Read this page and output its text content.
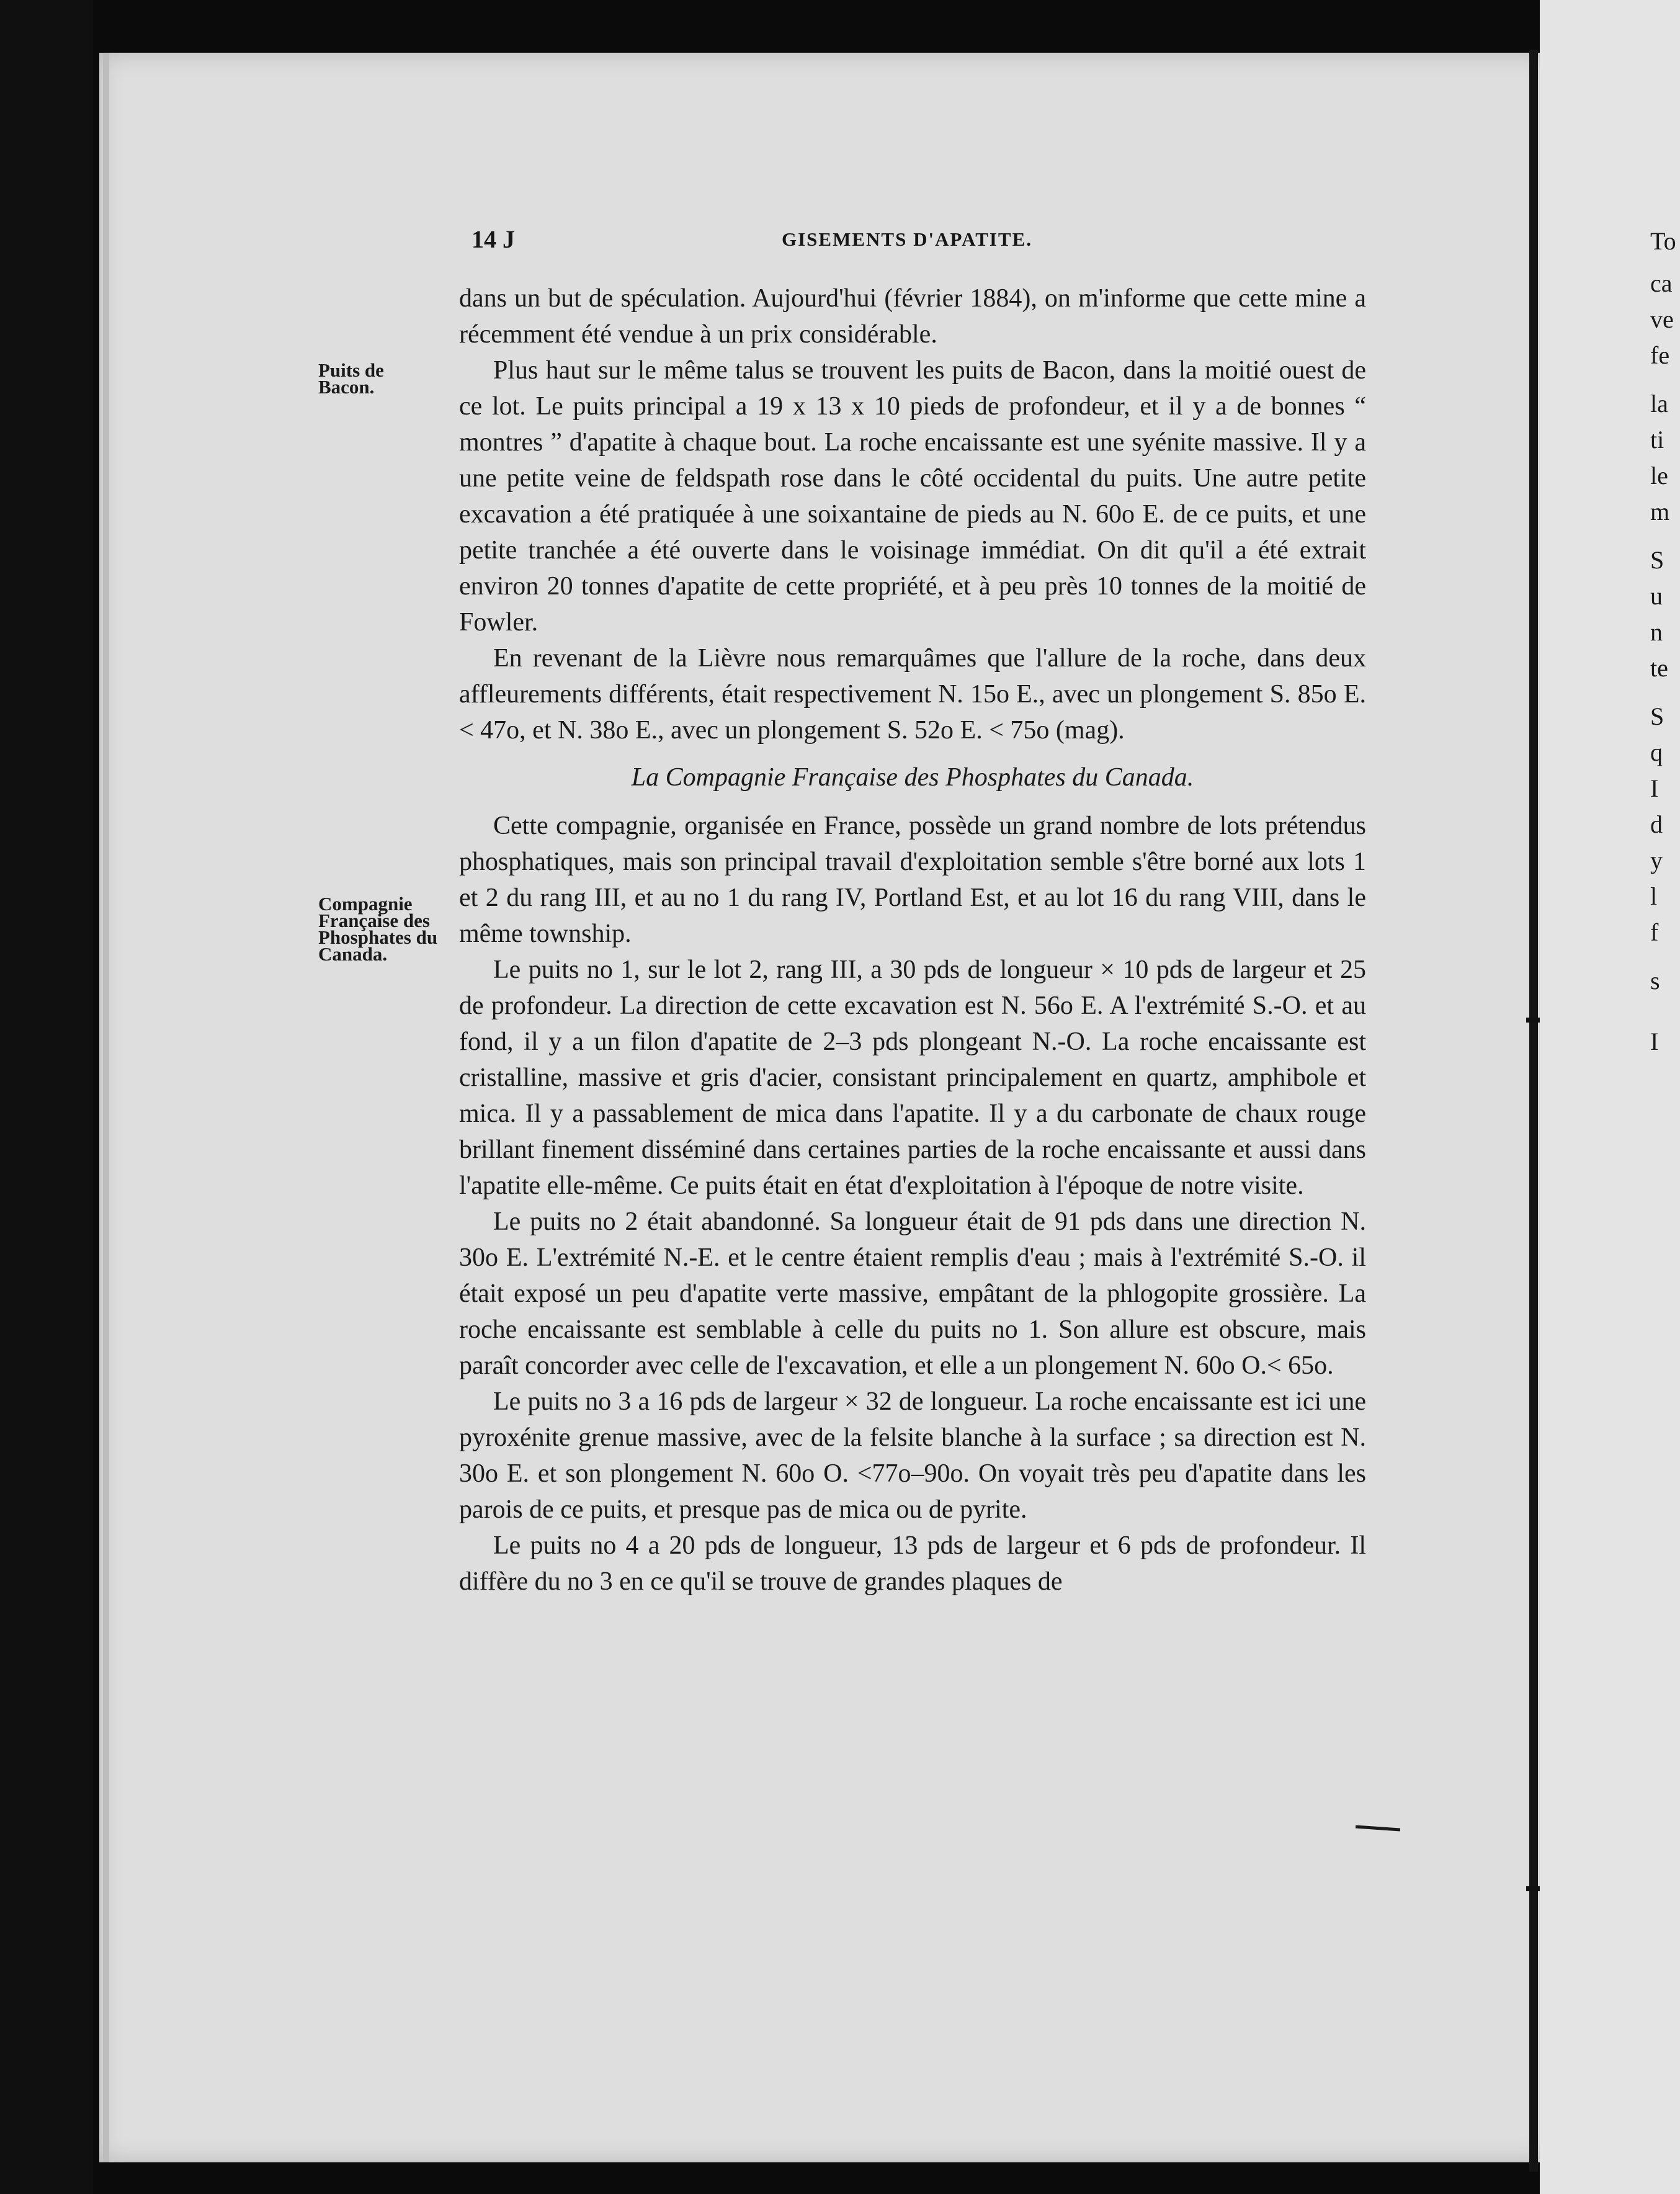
To
ca
ve
fe
la
ti
le
m
S
u
n
te
S
q
I
d
y
l
f
s
I
14 J	GISEMENTS D'APATITE.
Puits de
Bacon.
Compagnie
Française des
Phosphates du
Canada.

dans un but de spéculation. Aujourd'hui (février 1884), on m'informe que cette mine a récemment été vendue à un prix considérable.

Plus haut sur le même talus se trouvent les puits de Bacon, dans la moitié ouest de ce lot. Le puits principal a 19 x 13 x 10 pieds de profondeur, et il y a de bonnes “ montres ” d'apatite à chaque bout. La roche encaissante est une syénite massive. Il y a une petite veine de feldspath rose dans le côté occidental du puits. Une autre petite excavation a été pratiquée à une soixantaine de pieds au N. 60o E. de ce puits, et une petite tranchée a été ouverte dans le voisinage immédiat. On dit qu'il a été extrait environ 20 tonnes d'apatite de cette propriété, et à peu près 10 tonnes de la moitié de Fowler.

En revenant de la Lièvre nous remarquâmes que l'allure de la roche, dans deux affleurements différents, était respectivement N. 15o E., avec un plongement S. 85o E.< 47o, et N. 38o E., avec un plongement S. 52o E. < 75o (mag).

La Compagnie Française des Phosphates du Canada.

Cette compagnie, organisée en France, possède un grand nombre de lots prétendus phosphatiques, mais son principal travail d'exploitation semble s'être borné aux lots 1 et 2 du rang III, et au no 1 du rang IV, Portland Est, et au lot 16 du rang VIII, dans le même township.

Le puits no 1, sur le lot 2, rang III, a 30 pds de longueur × 10 pds de largeur et 25 de profondeur. La direction de cette excavation est N. 56o E. A l'extrémité S.-O. et au fond, il y a un filon d'apatite de 2–3 pds plongeant N.-O. La roche encaissante est cristalline, massive et gris d'acier, consistant principalement en quartz, amphibole et mica. Il y a passablement de mica dans l'apatite. Il y a du carbonate de chaux rouge brillant finement disséminé dans certaines parties de la roche encaissante et aussi dans l'apatite elle-même. Ce puits était en état d'exploitation à l'époque de notre visite.

Le puits no 2 était abandonné. Sa longueur était de 91 pds dans une direction N. 30o E. L'extrémité N.-E. et le centre étaient remplis d'eau ; mais à l'extrémité S.-O. il était exposé un peu d'apatite verte massive, empâtant de la phlogopite grossière. La roche encaissante est semblable à celle du puits no 1. Son allure est obscure, mais paraît concorder avec celle de l'excavation, et elle a un plongement N. 60o O.< 65o.

Le puits no 3 a 16 pds de largeur × 32 de longueur. La roche encaissante est ici une pyroxénite grenue massive, avec de la felsite blanche à la surface ; sa direction est N. 30o E. et son plongement N. 60o O. <77o–90o. On voyait très peu d'apatite dans les parois de ce puits, et presque pas de mica ou de pyrite.

Le puits no 4 a 20 pds de longueur, 13 pds de largeur et 6 pds de profondeur. Il diffère du no 3 en ce qu'il se trouve de grandes plaques de
